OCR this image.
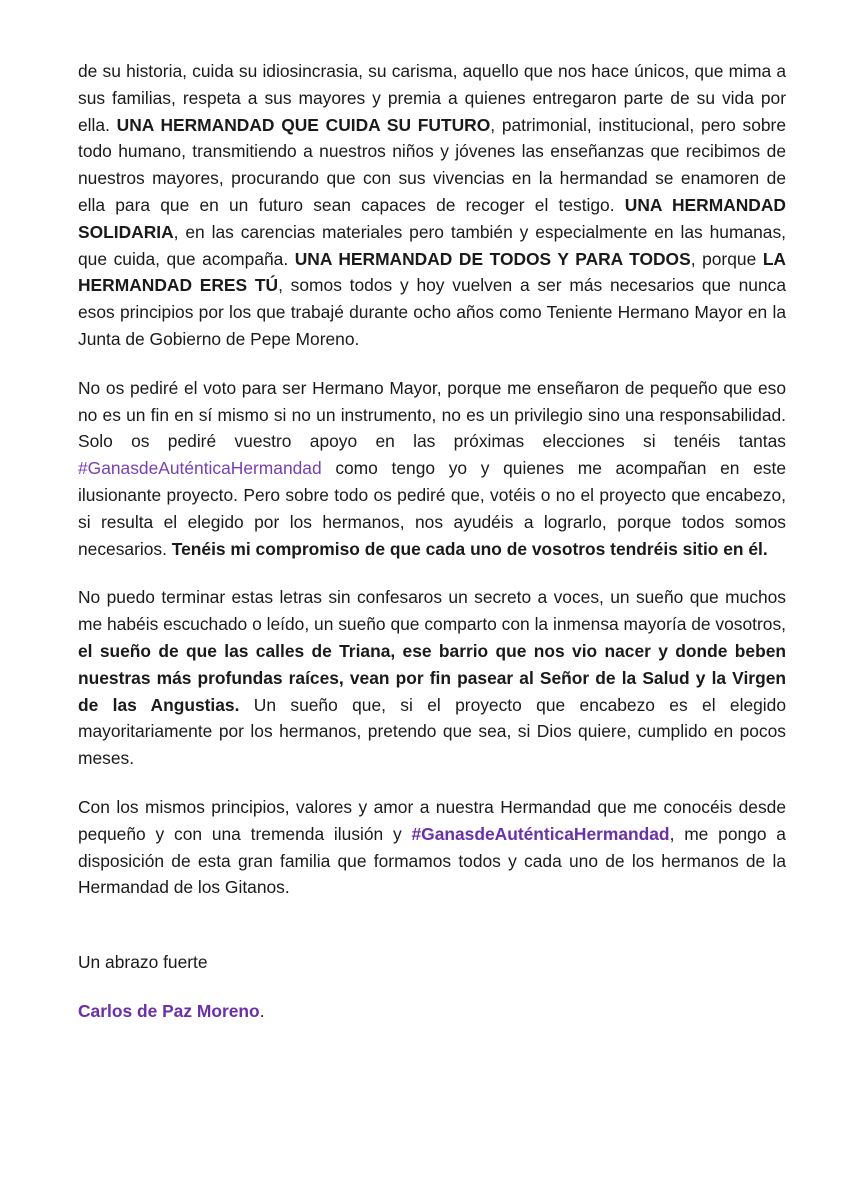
de su historia, cuida su idiosincrasia, su carisma, aquello que nos hace únicos, que mima a sus familias, respeta a sus mayores y premia a quienes entregaron parte de su vida por ella. UNA HERMANDAD QUE CUIDA SU FUTURO, patrimonial, institucional, pero sobre todo humano, transmitiendo a nuestros niños y jóvenes las enseñanzas que recibimos de nuestros mayores, procurando que con sus vivencias en la hermandad se enamoren de ella para que en un futuro sean capaces de recoger el testigo. UNA HERMANDAD SOLIDARIA, en las carencias materiales pero también y especialmente en las humanas, que cuida, que acompaña. UNA HERMANDAD DE TODOS Y PARA TODOS, porque LA HERMANDAD ERES TÚ, somos todos y hoy vuelven a ser más necesarios que nunca esos principios por los que trabajé durante ocho años como Teniente Hermano Mayor en la Junta de Gobierno de Pepe Moreno.

No os pediré el voto para ser Hermano Mayor, porque me enseñaron de pequeño que eso no es un fin en sí mismo si no un instrumento, no es un privilegio sino una responsabilidad. Solo os pediré vuestro apoyo en las próximas elecciones si tenéis tantas #GanasdeAuténticaHermandad como tengo yo y quienes me acompañan en este ilusionante proyecto. Pero sobre todo os pediré que, votéis o no el proyecto que encabezo, si resulta el elegido por los hermanos, nos ayudéis a lograrlo, porque todos somos necesarios. Tenéis mi compromiso de que cada uno de vosotros tendréis sitio en él.

No puedo terminar estas letras sin confesaros un secreto a voces, un sueño que muchos me habéis escuchado o leído, un sueño que comparto con la inmensa mayoría de vosotros, el sueño de que las calles de Triana, ese barrio que nos vio nacer y donde beben nuestras más profundas raíces, vean por fin pasear al Señor de la Salud y la Virgen de las Angustias. Un sueño que, si el proyecto que encabezo es el elegido mayoritariamente por los hermanos, pretendo que sea, si Dios quiere, cumplido en pocos meses.

Con los mismos principios, valores y amor a nuestra Hermandad que me conocéis desde pequeño y con una tremenda ilusión y #GanasdeAuténticaHermandad, me pongo a disposición de esta gran familia que formamos todos y cada uno de los hermanos de la Hermandad de los Gitanos.

Un abrazo fuerte

Carlos de Paz Moreno.
